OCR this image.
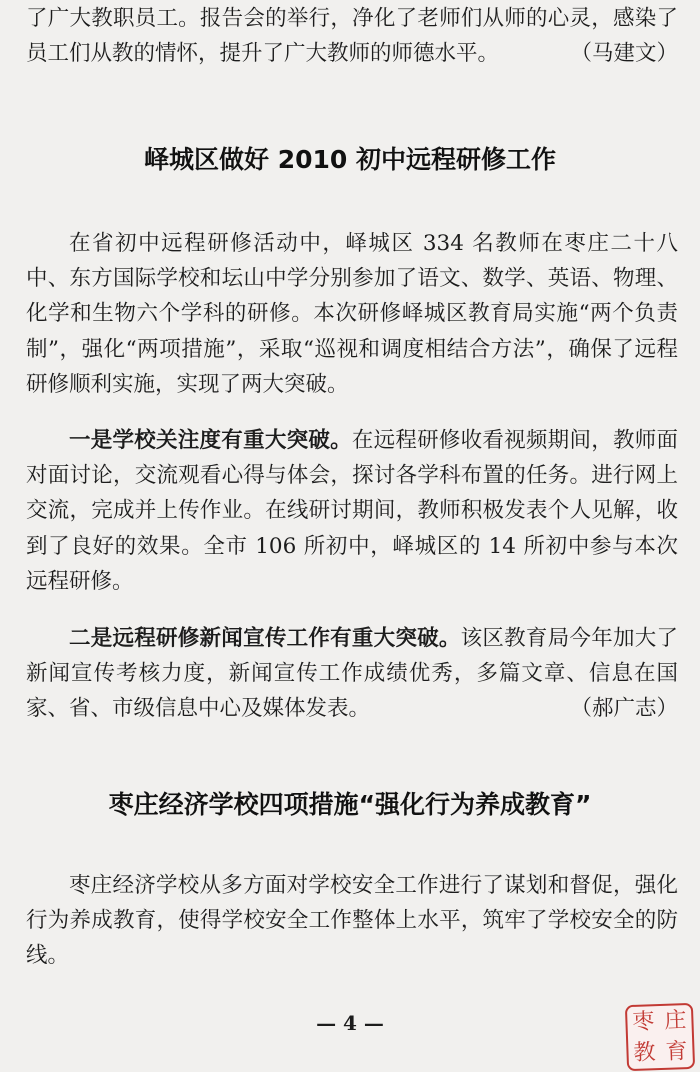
了广大教职员工。报告会的举行，净化了老师们从师的心灵，感染了员工们从教的情怀，提升了广大教师的师德水平。	（马建文）

峄城区做好 2010 初中远程研修工作

在省初中远程研修活动中，峄城区 334 名教师在枣庄二十八中、东方国际学校和坛山中学分别参加了语文、数学、英语、物理、化学和生物六个学科的研修。本次研修峄城区教育局实施“两个负责制”，强化“两项措施”，采取“巡视和调度相结合方法”，确保了远程研修顺利实施，实现了两大突破。

一是学校关注度有重大突破。在远程研修收看视频期间，教师面对面讨论，交流观看心得与体会，探讨各学科布置的任务。进行网上交流，完成并上传作业。在线研讨期间，教师积极发表个人见解，收到了良好的效果。全市 106 所初中，峄城区的 14 所初中参与本次远程研修。

二是远程研修新闻宣传工作有重大突破。该区教育局今年加大了新闻宣传考核力度，新闻宣传工作成绩优秀，多篇文章、信息在国家、省、市级信息中心及媒体发表。	（郝广志）

枣庄经济学校四项措施“强化行为养成教育”

枣庄经济学校从多方面对学校安全工作进行了谋划和督促，强化行为养成教育，使得学校安全工作整体上水平，筑牢了学校安全的防线。

— 4 —	枣 庄
教 育
